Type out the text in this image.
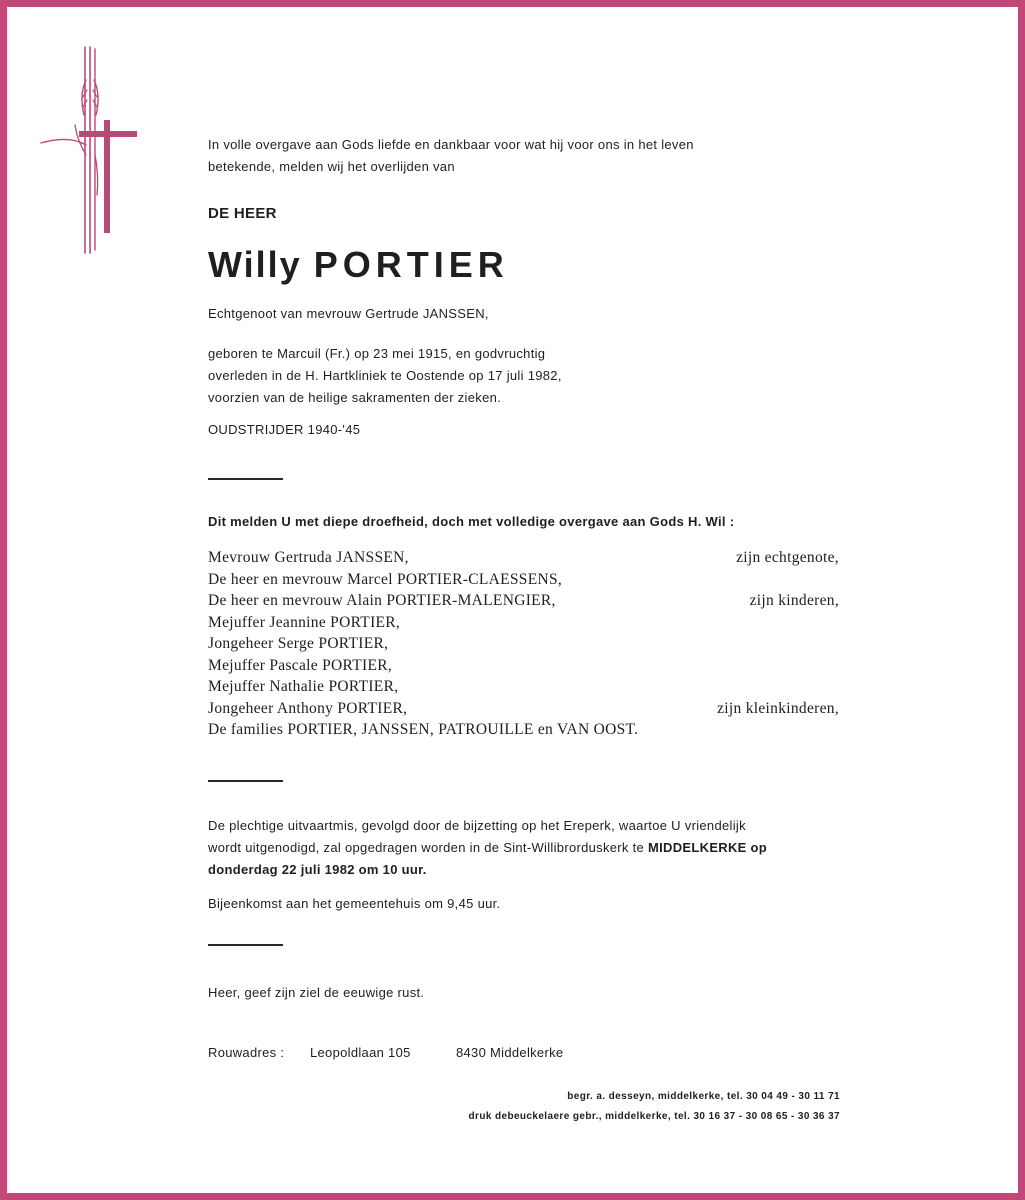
In volle overgave aan Gods liefde en dankbaar voor wat hij voor ons in het leven
betekende, melden wij het overlijden van
DE HEER
Willy PORTIER
Echtgenoot van mevrouw Gertrude JANSSEN,
geboren te Marcuil (Fr.) op 23 mei 1915, en godvruchtig
overleden in de H. Hartkliniek te Oostende op 17 juli 1982,
voorzien van de heilige sakramenten der zieken.
OUDSTRIJDER 1940-'45
Dit melden U met diepe droefheid, doch met volledige overgave aan Gods H. Wil :
Mevrouw Gertruda JANSSEN,	zijn echtgenote,
De heer en mevrouw Marcel PORTIER-CLAESSENS,
De heer en mevrouw Alain PORTIER-MALENGIER,	zijn kinderen,
Mejuffer Jeannine PORTIER,
Jongeheer Serge PORTIER,
Mejuffer Pascale PORTIER,
Mejuffer Nathalie PORTIER,
Jongeheer Anthony PORTIER,	zijn kleinkinderen,
De families PORTIER, JANSSEN, PATROUILLE en VAN OOST.
De plechtige uitvaartmis, gevolgd door de bijzetting op het Ereperk, waartoe U vriendelijk
wordt uitgenodigd, zal opgedragen worden in de Sint-Willibrorduskerk te MIDDELKERKE op
donderdag 22 juli 1982 om 10 uur.
Bijeenkomst aan het gemeentehuis om 9,45 uur.
Heer, geef zijn ziel de eeuwige rust.
Rouwadres : Leopoldlaan 105	8430 Middelkerke
begr. a. desseyn, middelkerke, tel. 30 04 49 - 30 11 71
druk debeuckelaere gebr., middelkerke, tel. 30 16 37 - 30 08 65 - 30 36 37
